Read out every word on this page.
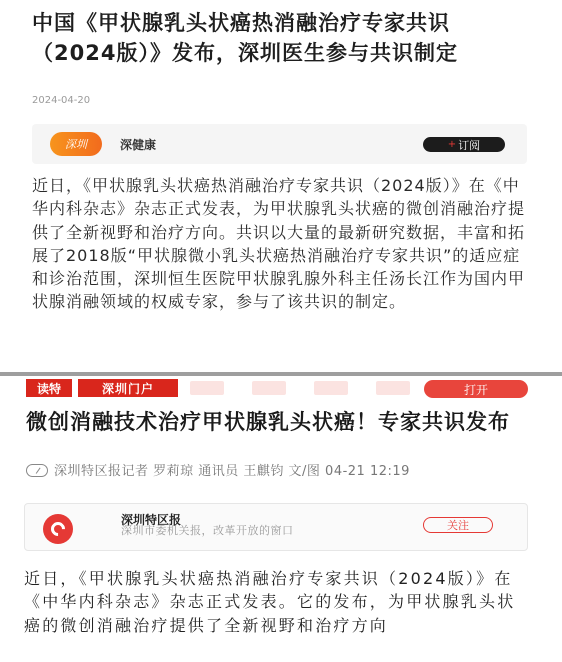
中国《甲状腺乳头状癌热消融治疗专家共识（2024版）》发布，深圳医生参与共识制定
2024-04-20
深圳	深健康	+ 订阅
近日，《甲状腺乳头状癌热消融治疗专家共识（2024版）》在《中华内科杂志》杂志正式发表，为甲状腺乳头状癌的微创消融治疗提供了全新视野和治疗方向。共识以大量的最新研究数据，丰富和拓展了2018版“甲状腺微小乳头状癌热消融治疗专家共识”的适应症和诊治范围，深圳恒生医院甲状腺乳腺外科主任汤长江作为国内甲状腺消融领域的权威专家，参与了该共识的制定。
读特	深圳门户	打开
微创消融技术治疗甲状腺乳头状癌！专家共识发布
深圳特区报记者 罗莉琼 通讯员 王麒钧 文/图 04-21 12:19
深圳特区报
深圳市委机关报，改革开放的窗口	关注
近日，《甲状腺乳头状癌热消融治疗专家共识（2024版）》在《中华内科杂志》杂志正式发表。它的发布，为甲状腺乳头状癌的微创消融治疗提供了全新视野和治疗方向
